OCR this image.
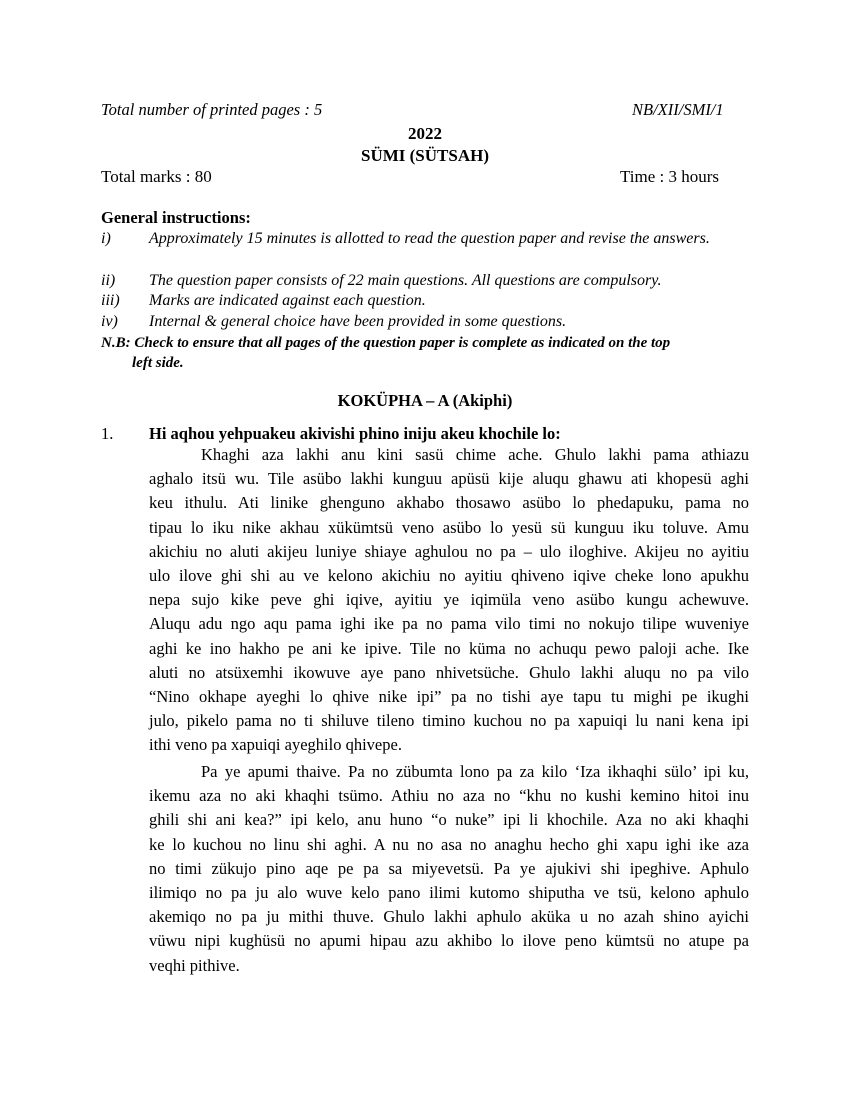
Total number of printed pages : 5	NB/XII/SMI/1
2022
SÜMI (SÜTSAH)
Total marks : 80	Time : 3 hours
General instructions:
i) Approximately 15 minutes is allotted to read the question paper and revise the answers.
ii) The question paper consists of 22 main questions. All questions are compulsory.
iii) Marks are indicated against each question.
iv) Internal & general choice have been provided in some questions.
N.B: Check to ensure that all pages of the question paper is complete as indicated on the top
left side.
KOKÜPHA – A (Akiphi)
1. Hi aqhou yehpuakeu akivishi phino iniju akeu khochile lo:
Khaghi aza lakhi anu kini sasü chime ache. Ghulo lakhi pama athiazu
aghalo itsü wu. Tile asübo lakhi kunguu apüsü kije aluqu ghawu ati khopesü aghi
keu ithulu. Ati linike ghenguno akhabo thosawo asübo lo phedapuku, pama no
tipau lo iku nike akhau xükümtsü veno asübo lo yesü sü kunguu iku toluve. Amu
akichiu no aluti akijeu luniye shiaye aghulou no pa – ulo iloghive. Akijeu no ayitiu
ulo ilove ghi shi au ve kelono akichiu no ayitiu qhiveno iqive cheke lono apukhu
nepa sujo kike peve ghi iqive, ayitiu ye iqimüla veno asübo kungu achewuve.
Aluqu adu ngo aqu pama ighi ike pa no pama vilo timi no nokujo tilipe wuveniye
aghi ke ino hakho pe ani ke ipive. Tile no küma no achuqu pewo paloji ache. Ike
aluti no atsüxemhi ikowuve aye pano nhivetsüche. Ghulo lakhi aluqu no pa vilo
“Nino okhape ayeghi lo qhive nike ipi” pa no tishi aye tapu tu mighi pe ikughi
julo, pikelo pama no ti shiluve tileno timino kuchou no pa xapuiqi lu nani kena ipi
ithi veno pa xapuiqi ayeghilo qhivepe.
Pa ye apumi thaive. Pa no zübumta lono pa za kilo ‘Iza ikhaqhi sülo’ ipi ku,
ikemu aza no aki khaqhi tsümo. Athiu no aza no “khu no kushi kemino hitoi inu
ghili shi ani kea?” ipi kelo, anu huno “o nuke” ipi li khochile. Aza no aki khaqhi
ke lo kuchou no linu shi aghi. A nu no asa no anaghu hecho ghi xapu ighi ike aza
no timi zükujo pino aqe pe pa sa miyevetsü. Pa ye ajukivi shi ipeghive. Aphulo
ilimiqo no pa ju alo wuve kelo pano ilimi kutomo shiputha ve tsü, kelono aphulo
akemiqo no pa ju mithi thuve. Ghulo lakhi aphulo aküka u no azah shino ayichi
vüwu nipi kughüsü no apumi hipau azu akhibo lo ilove peno kümtsü no atupe pa
veqhi pithive.
